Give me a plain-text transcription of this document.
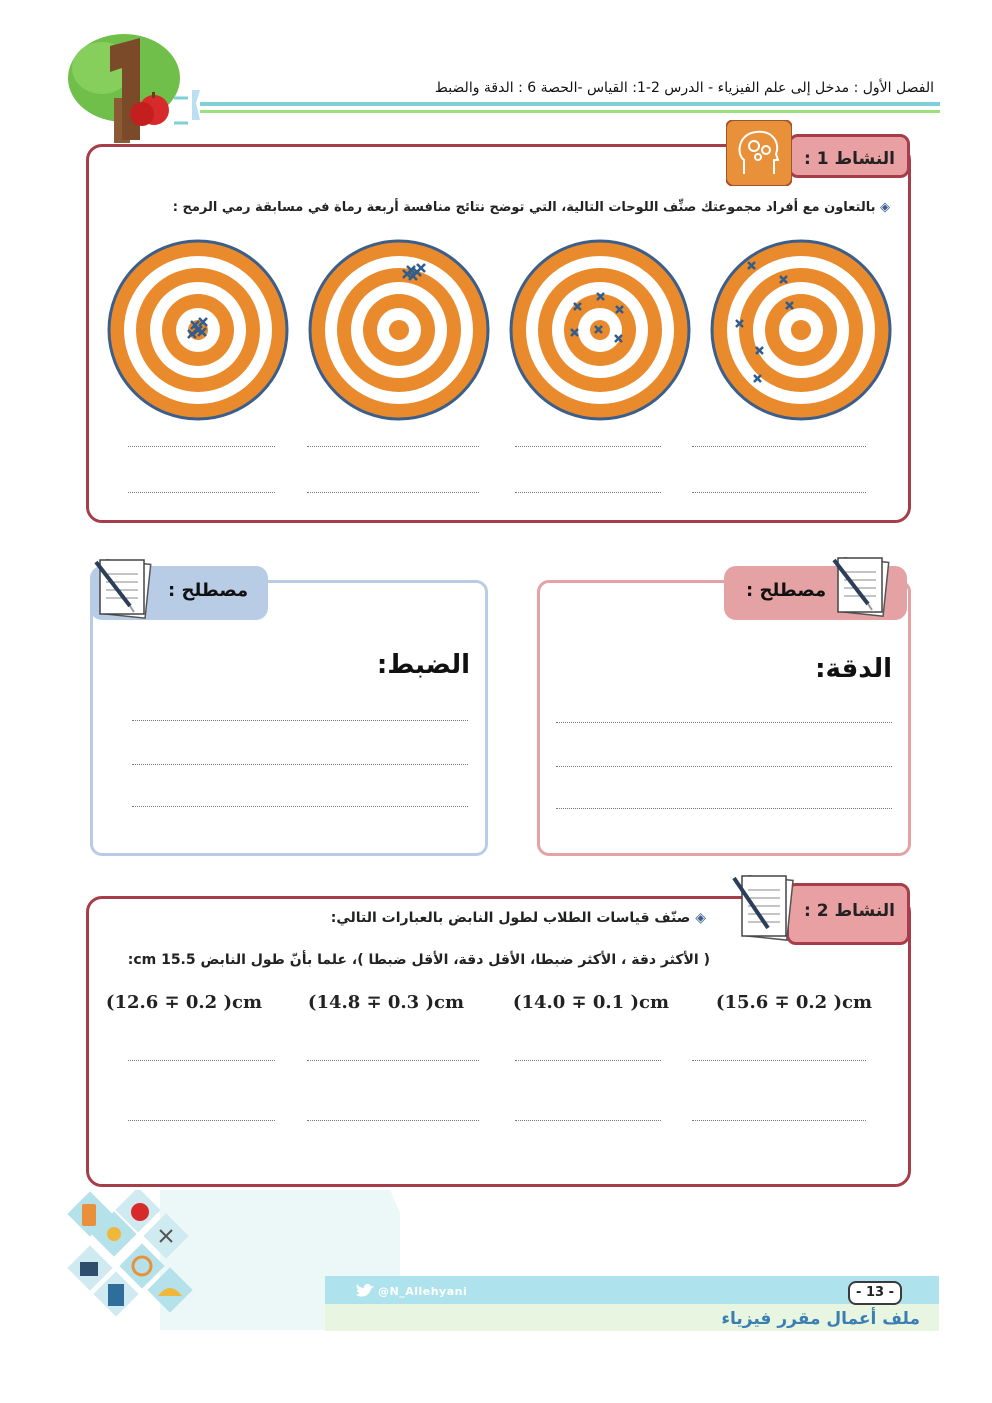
الفصل الأول : مدخل إلى علم الفيزياء - الدرس 2-1: القياس -الحصة 6 : الدقة والضبط
النشاط 1 :
◈ بالتعاون مع أفراد مجموعتك صنِّف اللوحات التالية، التي توضح نتائج منافسة أربعة رماة في مسابقة رمي الرمح :
مصطلح :
الضبط:
مصطلح :
الدقة:
النشاط 2 :
◈ صنّف قياسات الطلاب لطول النابض بالعبارات التالي:
( الأكثر دقة ، الأكثر ضبطا، الأقل دقة، الأقل ضبطا )، علما بأنّ طول النابض 15.5 cm:
(15.6 ∓ 0.2 )cm
(14.0 ∓ 0.1 )cm
(14.8 ∓ 0.3 )cm
(12.6 ∓ 0.2 )cm
@N_Allehyani	- 13 -
ملف أعمال مقرر فيزياء
